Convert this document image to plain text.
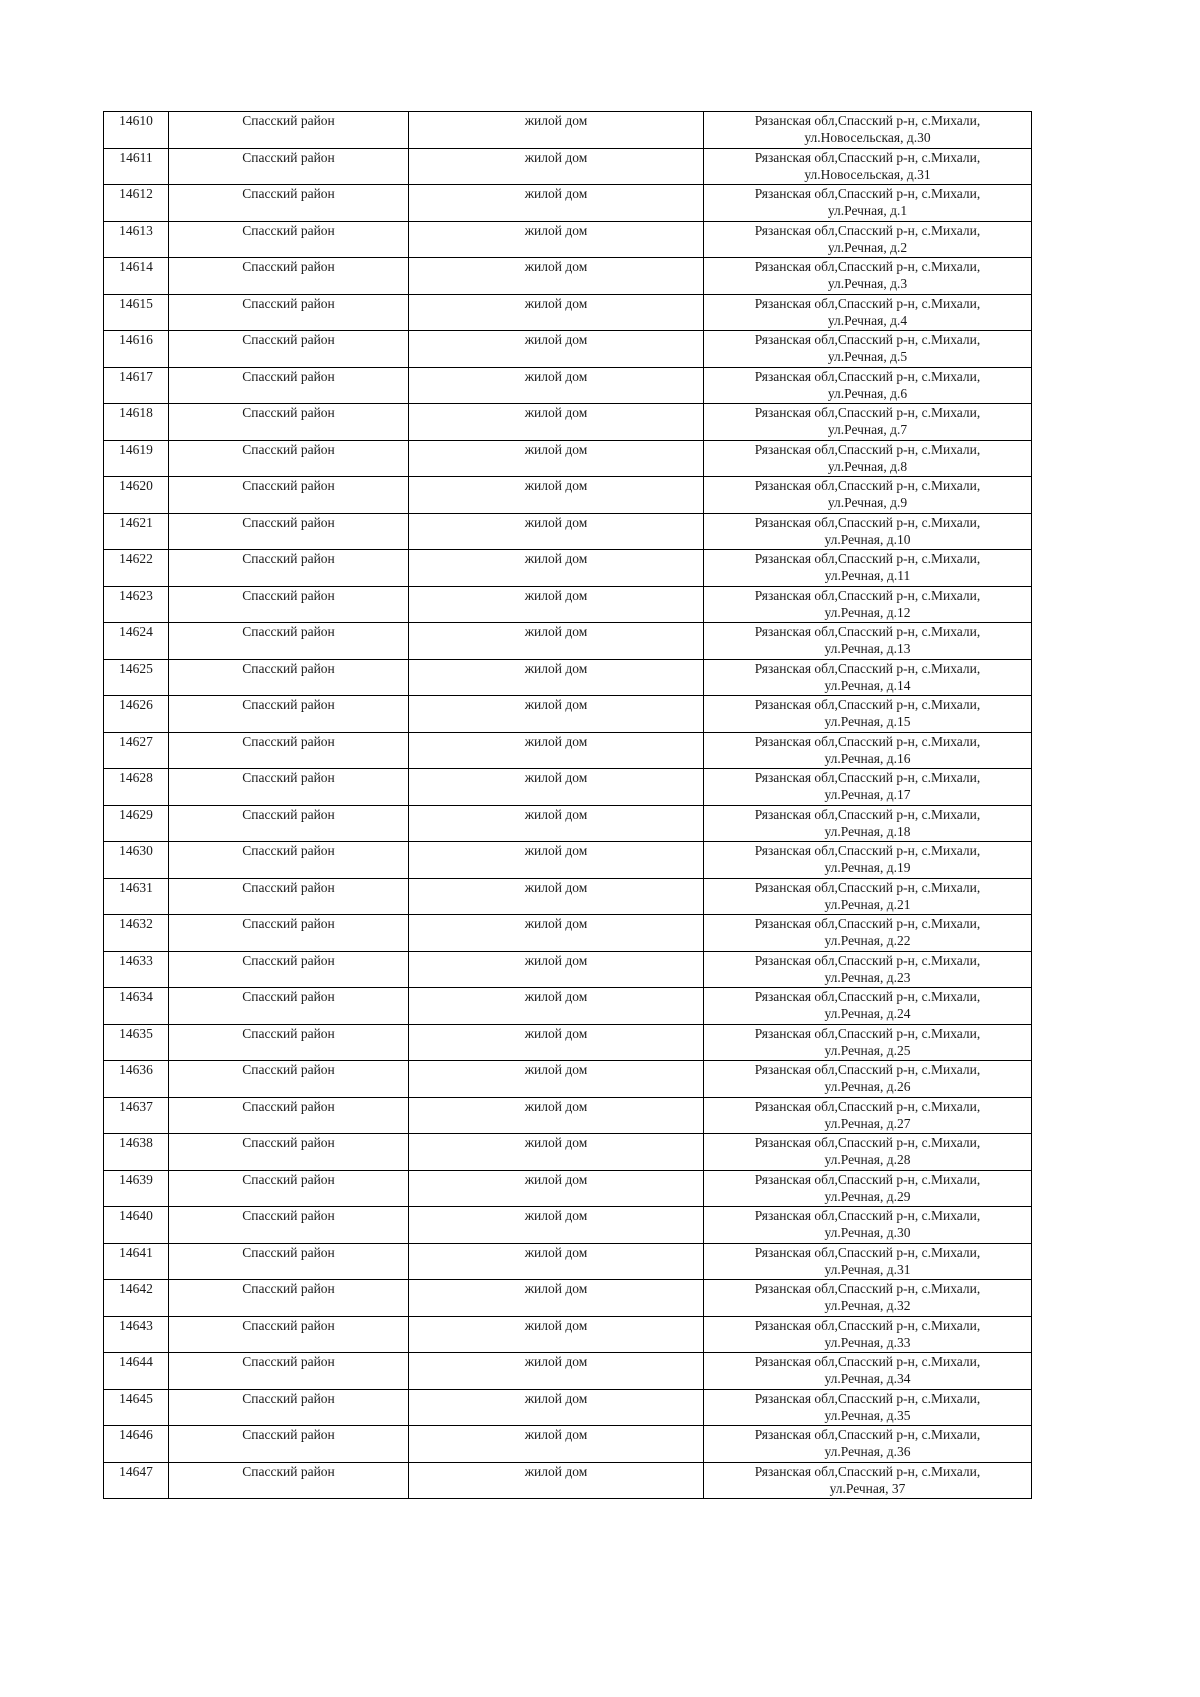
14610	Спасский район	жилой дом	Рязанская обл,Спасский р-н, с.Михали,
ул.Новосельская, д.30

14611	Спасский район	жилой дом	Рязанская обл,Спасский р-н, с.Михали,
ул.Новосельская, д.31

14612	Спасский район	жилой дом	Рязанская обл,Спасский р-н, с.Михали,
ул.Речная, д.1

14613	Спасский район	жилой дом	Рязанская обл,Спасский р-н, с.Михали,
ул.Речная, д.2

14614	Спасский район	жилой дом	Рязанская обл,Спасский р-н, с.Михали,
ул.Речная, д.3

14615	Спасский район	жилой дом	Рязанская обл,Спасский р-н, с.Михали,
ул.Речная, д.4

14616	Спасский район	жилой дом	Рязанская обл,Спасский р-н, с.Михали,
ул.Речная, д.5

14617	Спасский район	жилой дом	Рязанская обл,Спасский р-н, с.Михали,
ул.Речная, д.6

14618	Спасский район	жилой дом	Рязанская обл,Спасский р-н, с.Михали,
ул.Речная, д.7

14619	Спасский район	жилой дом	Рязанская обл,Спасский р-н, с.Михали,
ул.Речная, д.8

14620	Спасский район	жилой дом	Рязанская обл,Спасский р-н, с.Михали,
ул.Речная, д.9

14621	Спасский район	жилой дом	Рязанская обл,Спасский р-н, с.Михали,
ул.Речная, д.10

14622	Спасский район	жилой дом	Рязанская обл,Спасский р-н, с.Михали,
ул.Речная, д.11

14623	Спасский район	жилой дом	Рязанская обл,Спасский р-н, с.Михали,
ул.Речная, д.12

14624	Спасский район	жилой дом	Рязанская обл,Спасский р-н, с.Михали,
ул.Речная, д.13

14625	Спасский район	жилой дом	Рязанская обл,Спасский р-н, с.Михали,
ул.Речная, д.14

14626	Спасский район	жилой дом	Рязанская обл,Спасский р-н, с.Михали,
ул.Речная, д.15

14627	Спасский район	жилой дом	Рязанская обл,Спасский р-н, с.Михали,
ул.Речная, д.16

14628	Спасский район	жилой дом	Рязанская обл,Спасский р-н, с.Михали,
ул.Речная, д.17

14629	Спасский район	жилой дом	Рязанская обл,Спасский р-н, с.Михали,
ул.Речная, д.18

14630	Спасский район	жилой дом	Рязанская обл,Спасский р-н, с.Михали,
ул.Речная, д.19

14631	Спасский район	жилой дом	Рязанская обл,Спасский р-н, с.Михали,
ул.Речная, д.21

14632	Спасский район	жилой дом	Рязанская обл,Спасский р-н, с.Михали,
ул.Речная, д.22

14633	Спасский район	жилой дом	Рязанская обл,Спасский р-н, с.Михали,
ул.Речная, д.23

14634	Спасский район	жилой дом	Рязанская обл,Спасский р-н, с.Михали,
ул.Речная, д.24

14635	Спасский район	жилой дом	Рязанская обл,Спасский р-н, с.Михали,
ул.Речная, д.25

14636	Спасский район	жилой дом	Рязанская обл,Спасский р-н, с.Михали,
ул.Речная, д.26

14637	Спасский район	жилой дом	Рязанская обл,Спасский р-н, с.Михали,
ул.Речная, д.27

14638	Спасский район	жилой дом	Рязанская обл,Спасский р-н, с.Михали,
ул.Речная, д.28

14639	Спасский район	жилой дом	Рязанская обл,Спасский р-н, с.Михали,
ул.Речная, д.29

14640	Спасский район	жилой дом	Рязанская обл,Спасский р-н, с.Михали,
ул.Речная, д.30

14641	Спасский район	жилой дом	Рязанская обл,Спасский р-н, с.Михали,
ул.Речная, д.31

14642	Спасский район	жилой дом	Рязанская обл,Спасский р-н, с.Михали,
ул.Речная, д.32

14643	Спасский район	жилой дом	Рязанская обл,Спасский р-н, с.Михали,
ул.Речная, д.33

14644	Спасский район	жилой дом	Рязанская обл,Спасский р-н, с.Михали,
ул.Речная, д.34

14645	Спасский район	жилой дом	Рязанская обл,Спасский р-н, с.Михали,
ул.Речная, д.35

14646	Спасский район	жилой дом	Рязанская обл,Спасский р-н, с.Михали,
ул.Речная, д.36

14647	Спасский район	жилой дом	Рязанская обл,Спасский р-н, с.Михали,
ул.Речная, 37
